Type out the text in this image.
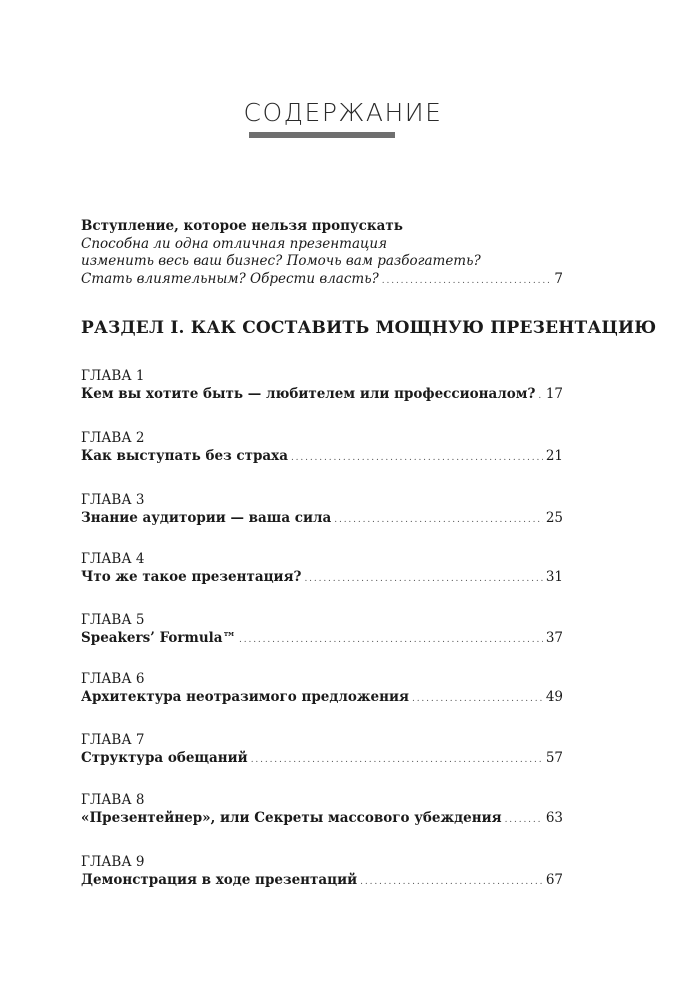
СОДЕРЖАНИЕ
Вступление, которое нельзя пропускать
Способна ли одна отличная презентация
изменить весь ваш бизнес? Помочь вам разбогатеть?
Стать влиятельным? Обрести власть? . . .	7
РАЗДЕЛ I. КАК СОСТАВИТЬ МОЩНУЮ ПРЕЗЕНТАЦИЮ
ГЛАВА 1
Кем вы хотите быть — любителем или профессионалом? . . . 17
ГЛАВА 2
Как выступать без страха . . .	21
ГЛАВА 3
Знание аудитории — ваша сила . . .	25
ГЛАВА 4
Что же такое презентация? . . .	31
ГЛАВА 5
Speakers’ Formula™ . . .	37
ГЛАВА 6
Архитектура неотразимого предложения . . .	49
ГЛАВА 7
Структура обещаний . . .	57
ГЛАВА 8
«Презентейнер», или Секреты массового убеждения . . .	63
ГЛАВА 9
Демонстрация в ходе презентаций . . .	67
